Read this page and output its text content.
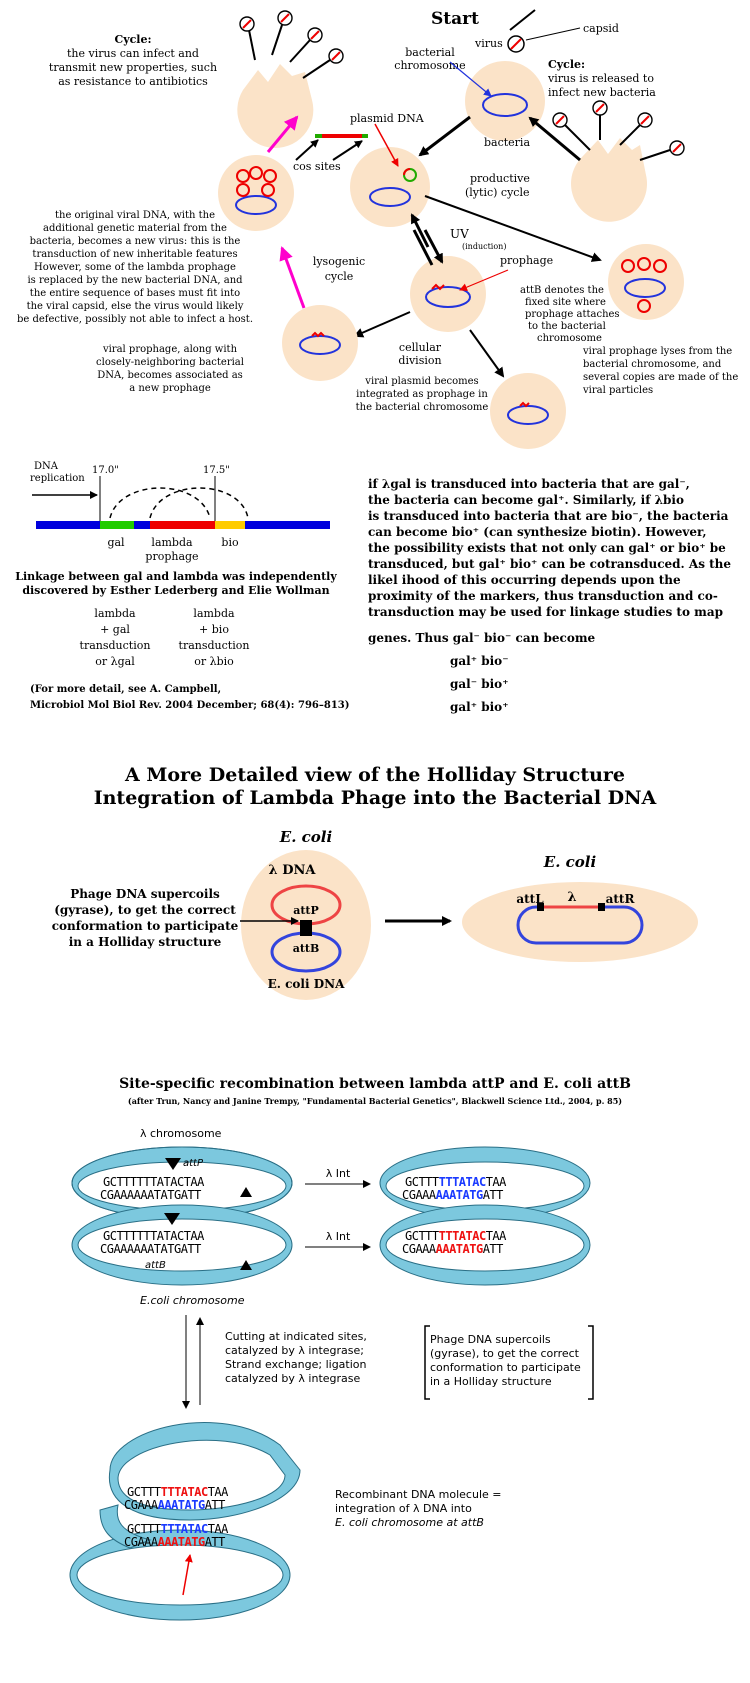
Start
virus
capsid
bacterial
chromosome
bacteria
Cycle:
virus is released to
infect new bacteria
Cycle:
the virus can infect and
transmit new properties, such
as resistance to antibiotics
plasmid DNA
cos sites
productive
(lytic) cycle
UV
(induction)
prophage
lysogenic
cycle
attB denotes the
fixed site where
prophage attaches
to the bacterial
chromosome
viral prophage lyses from the
bacterial chromosome, and
several copies are made of the
viral particles
cellular
division
viral plasmid becomes
integrated as prophage in
the bacterial chromosome
the original viral DNA, with the
additional genetic material from the
bacteria, becomes a new virus: this is the
transduction of new inheritable features
However, some of the lambda prophage
is replaced by the new bacterial DNA, and
the entire sequence of bases must fit into
the viral capsid, else the virus would likely
be defective, possibly not able to infect a host.
viral prophage, along with
closely-neighboring bacterial
DNA, becomes associated as
a new prophage
DNA
replication
17.0"	17.5"
gal lambda
prophage
bio
Linkage between gal and lambda was independently
discovered by Esther Lederberg and Elie Wollman
lambda
+ gal
transduction
or λgal
lambda
+ bio
transduction
or λbio
(For more detail, see A. Campbell,
Microbiol Mol Biol Rev. 2004 December; 68(4): 796–813)
if λgal is transduced into bacteria that are gal⁻,
the bacteria can become gal⁺. Similarly, if λbio
is transduced into bacteria that are bio⁻, the bacteria
can become bio⁺ (can synthesize biotin). However,
the possibility exists that not only can gal⁺ or bio⁺ be
transduced, but gal⁺ bio⁺ can be cotransduced. As the
likel ihood of this occurring depends upon the
proximity of the markers, thus transduction and co-
transduction may be used for linkage studies to map
genes. Thus gal⁻ bio⁻ can become
gal⁺ bio⁻
gal⁻ bio⁺
gal⁺ bio⁺
A More Detailed view of the Holliday Structure
Integration of Lambda Phage into the Bacterial DNA
E. coli
λ DNA
attP
attB
E. coli DNA
Phage DNA supercoils
(gyrase), to get the correct
conformation to participate
in a Holliday structure
E. coli
attL λ attR
Site-specific recombination between lambda attP and E. coli attB
(after Trun, Nancy and Janine Trempy, "Fundamental Bacterial Genetics", Blackwell Science Ltd., 2004, p. 85)
λ chromosome
attP
GCTTTTTTATACTAA
CGAAAAAATATGATT
GCTTTTTTATACTAA
CGAAAAAATATGATT
attB
E.coli chromosome
λ Int
λ Int
GCTTTTTTATACTAA
CGAAAAAATATGATT
GCTTTTTTATACTAA
CGAAAAAATATGATT
Cutting at indicated sites,
catalyzed by λ integrase;
Strand exchange; ligation
catalyzed by λ integrase
Phage DNA supercoils
(gyrase), to get the correct
conformation to participate
in a Holliday structure
GCTTTTTTATACTAA
CGAAAAAATATGATT
GCTTTTTTATACTAA
CGAAAAAATATGATT
Recombinant DNA molecule =
integration of λ DNA into
E. coli chromosome at attB
